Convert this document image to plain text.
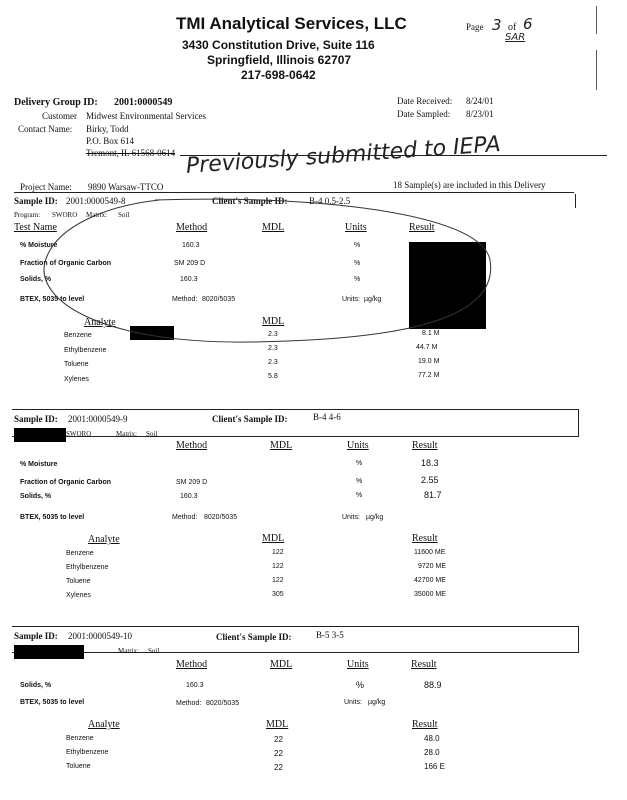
TMI Analytical Services, LLC
3430 Constitution Drive, Suite 116
Springfield, Illinois 62707
217-698-0642
Page 3 of 6
SAR
Delivery Group ID: 2001:0000549
Customer Midwest Environmental Services
Contact Name: Birky, Todd
P.O. Box 614
Tremont, IL 61568-0614
Date Received: 8/24/01
Date Sampled: 8/23/01
Previously submitted to IEPA
Project Name: 9890 Warsaw-TTCO	18 Sample(s) are included in this Delivery
Sample ID: 2001:0000549-8	Client's Sample ID: B-4 0.5-2.5
Program: SWORO Matrix: Soil
Test Name	Method	MDL	Units	Result
% Moisture	160.3	%
Fraction of Organic Carbon	SM 209 D	%
Solids, %	160.3	%
BTEX, 5035 to level	Method: 8020/5035	Units: µg/kg
Analyte	MDL
Benzene	2.3	8.1 M
Ethylbenzene	2.3	44.7 M
Toluene	2.3	19.0 M
Xylenes	5.8	77.2 M
Sample ID: 2001:0000549-9	Client's Sample ID:	B-4 4-6
SWORO	Matrix: Soil
Method	MDL	Units	Result
% Moisture	%	18.3
Fraction of Organic Carbon	SM 209 D	%	2.55
Solids, %	160.3	%	81.7
BTEX, 5035 to level	Method: 8020/5035	Units: µg/kg
Analyte	MDL	Result
Benzene	122	11600 ME
Ethylbenzene	122	9720 ME
Toluene	122	42700 ME
Xylenes	305	35000 ME
Sample ID: 2001:0000549-10	Client's Sample ID:	B-5 3-5
Matrix: Soil
Method	MDL	Units	Result
Solids, %	160.3	%	88.9
BTEX, 5035 to level	Method: 8020/5035	Units: µg/kg
Analyte	MDL	Result
Benzene	22	48.0
Ethylbenzene	22	28.0
Toluene	22	166 E
